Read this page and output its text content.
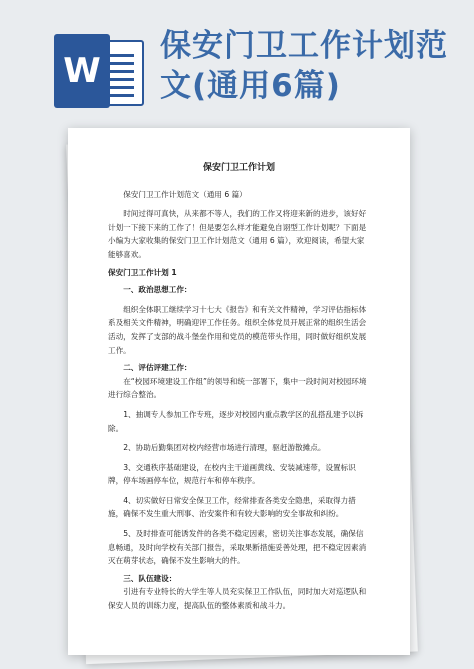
W
保安门卫工作计划范文(通用6篇)
保安门卫工作计划

保安门卫工作计划范文（通用 6 篇）

时间过得可真快，从来都不等人，我们的工作又将迎来新的进步，该好好计划一下接下来的工作了！但是要怎么样才能避免自诩型工作计划呢？下面是小编为大家收集的保安门卫工作计划范文（通用 6 篇），欢迎阅读，希望大家能够喜欢。

保安门卫工作计划 1

一、政治思想工作：

组织全体职工继续学习十七大《报告》和有关文件精神，学习评估指标体系及相关文件精神，明确迎评工作任务。组织全体党员开展正常的组织生活会活动，发挥了支部的战斗堡垒作用和党员的模范带头作用，同时做好组织发展工作。

二、评估评建工作：

在“校园环境建设工作组”的领导和统一部署下，集中一段时间对校园环境进行综合整治。

1、抽调专人参加工作专班，逐步对校园内重点教学区的乱搭乱建予以拆除。

2、协助后勤集团对校内经营市场进行清理，驱赶游散摊点。

3、交通秩序基础建设，在校内主干道画黄线、安装减速带，设置标识牌，停车场画停车位，规范行车和停车秩序。

4、切实做好日常安全保卫工作，经常排查各类安全隐患，采取得力措施，确保不发生重大刑事、治安案件和有较大影响的安全事故和纠纷。

5、及时排查可能诱发件的各类不稳定因素，密切关注事态发展，确保信息畅通，及时向学校有关部门报告，采取果断措施妥善处理，把不稳定因素消灭在萌芽状态，确保不发生影响大的件。

三、队伍建设：

引进有专业特长的大学生等人员充实保卫工作队伍，同时加大对巡逻队和保安人员的训练力度，提高队伍的整体素质和战斗力。
